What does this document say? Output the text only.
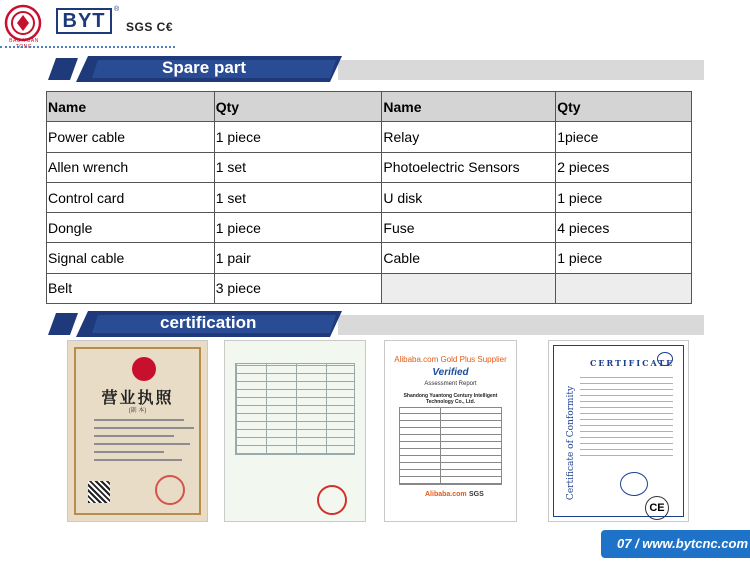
BAO YUAN TONG
BYT
®
SGS C€
Spare part
Name	Qty	Name	Qty
Power cable	1 piece	Relay	1piece
Allen wrench	1 set	Photoelectric Sensors	2 pieces
Control card	1 set	U disk	1 piece
Dongle	1 piece	Fuse	4 pieces
Signal cable	1 pair	Cable	1 piece
Belt	3 piece		
certification
营业执照
(副 本)
Alibaba.com Gold Plus Supplier
Verified
Assessment Report
Shandong Yuantong Century Intelligent Technology Co., Ltd.
Alibaba.com SGS	Certificate of Conformity
CERTIFICATE
CE
07 / www.bytcnc.com
